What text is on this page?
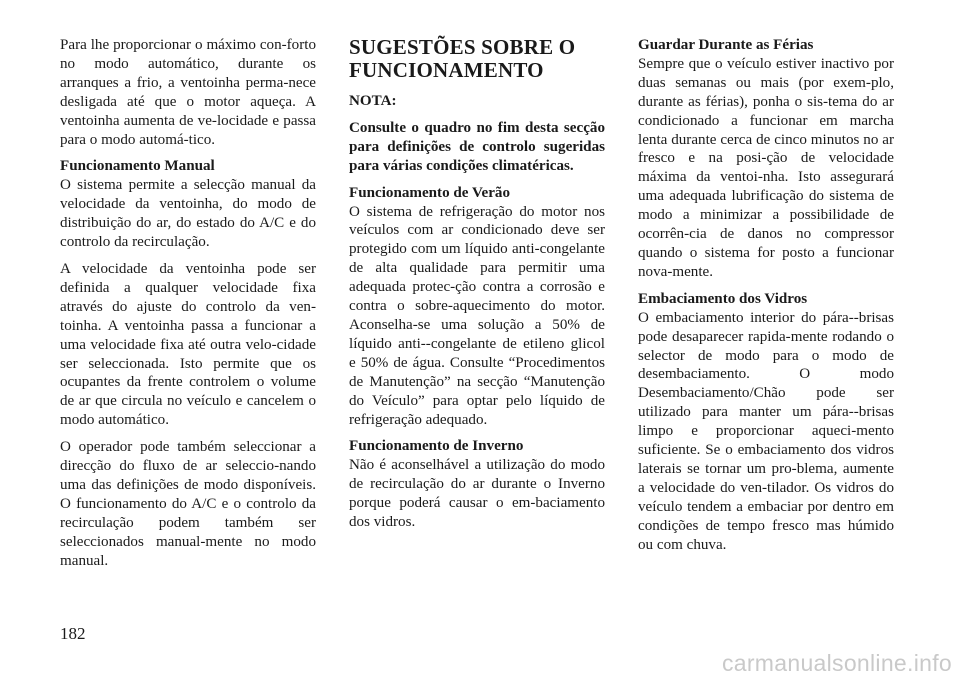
Para lhe proporcionar o máximo con-forto no modo automático, durante os arranques a frio, a ventoinha perma-nece desligada até que o motor aqueça. A ventoinha aumenta de ve-locidade e passa para o modo automá-tico.

Funcionamento Manual
O sistema permite a selecção manual da velocidade da ventoinha, do modo de distribuição do ar, do estado do A/C e do controlo da recirculação.

A velocidade da ventoinha pode ser definida a qualquer velocidade fixa através do ajuste do controlo da ven-toinha. A ventoinha passa a funcionar a uma velocidade fixa até outra velo-cidade ser seleccionada. Isto permite que os ocupantes da frente controlem o volume de ar que circula no veículo e cancelem o modo automático.

O operador pode também seleccionar a direcção do fluxo de ar seleccio-nando uma das definições de modo disponíveis. O funcionamento do A/C e o controlo da recirculação podem também ser seleccionados manual-mente no modo manual.

SUGESTÕES SOBRE O FUNCIONAMENTO

NOTA:

Consulte o quadro no fim desta secção para definições de controlo sugeridas para várias condições climatéricas.

Funcionamento de Verão
O sistema de refrigeração do motor nos veículos com ar condicionado deve ser protegido com um líquido anti-congelante de alta qualidade para permitir uma adequada protec-ção contra a corrosão e contra o sobre-aquecimento do motor. Aconselha-se uma solução a 50% de líquido anti--congelante de etileno glicol e 50% de água. Consulte “Procedimentos de Manutenção” na secção “Manutenção do Veículo” para optar pelo líquido de refrigeração adequado.

Funcionamento de Inverno
Não é aconselhável a utilização do modo de recirculação do ar durante o Inverno porque poderá causar o em-baciamento dos vidros.

Guardar Durante as Férias
Sempre que o veículo estiver inactivo por duas semanas ou mais (por exem-plo, durante as férias), ponha o sis-tema do ar condicionado a funcionar em marcha lenta durante cerca de cinco minutos no ar fresco e na posi-ção de velocidade máxima da ventoi-nha. Isto assegurará uma adequada lubrificação do sistema de modo a minimizar a possibilidade de ocorrên-cia de danos no compressor quando o sistema for posto a funcionar nova-mente.

Embaciamento dos Vidros
O embaciamento interior do pára--brisas pode desaparecer rapida-mente rodando o selector de modo para o modo de desembaciamento. O modo Desembaciamento/Chão pode ser utilizado para manter um pára--brisas limpo e proporcionar aqueci-mento suficiente. Se o embaciamento dos vidros laterais se tornar um pro-blema, aumente a velocidade do ven-tilador. Os vidros do veículo tendem a embaciar por dentro em condições de tempo fresco mas húmido ou com chuva.

182
carmanualsonline.info
